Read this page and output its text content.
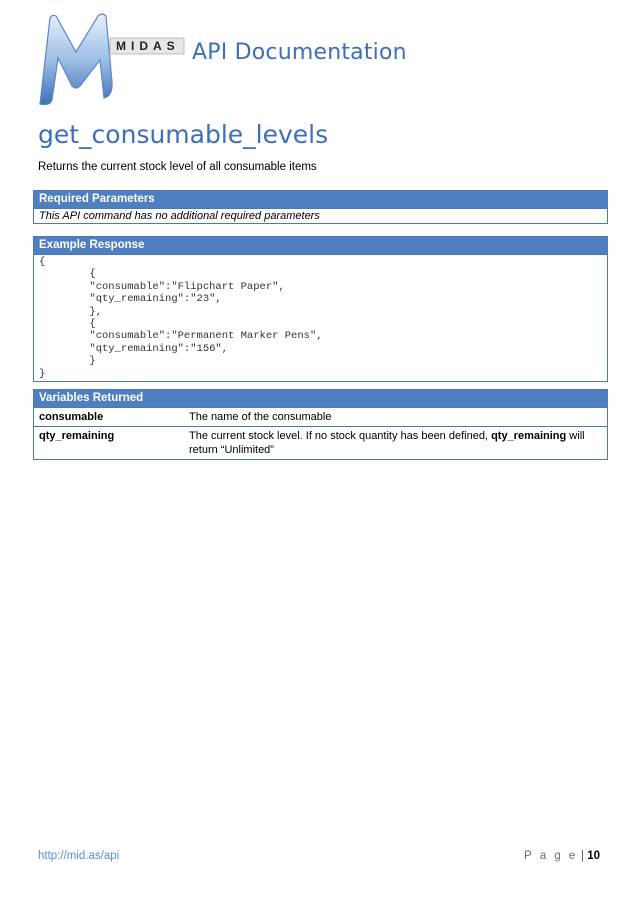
MIDAS API Documentation
get_consumable_levels
Returns the current stock level of all consumable items
Required Parameters
This API command has no additional required parameters
Example Response
{
{
"consumable":"Flipchart Paper",
"qty_remaining":"23",
},
{
"consumable":"Permanent Marker Pens",
"qty_remaining":"156",
}
}
Variables Returned
consumable	The name of the consumable
qty_remaining	The current stock level. If no stock quantity has been defined, qty_remaining will return “Unlimited”
http://mid.as/api	P a g e | 10
